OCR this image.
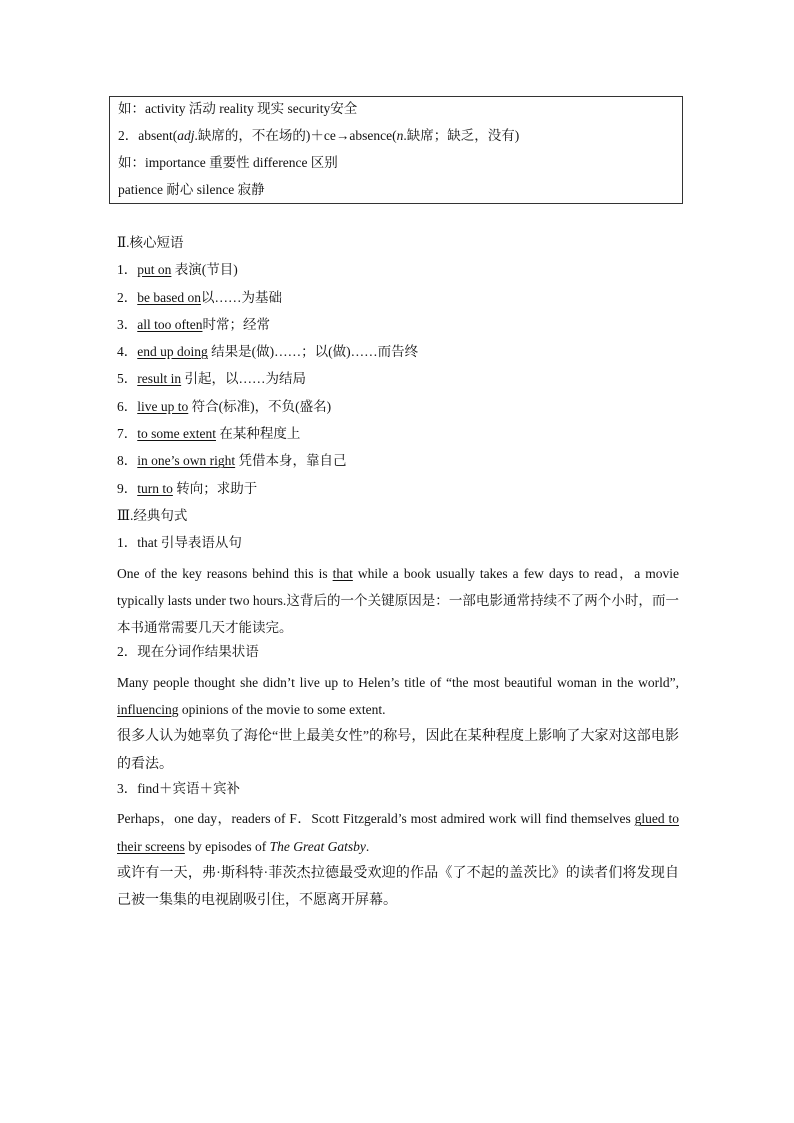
如：activity 活动 reality 现实 security安全
2．absent(adj.缺席的，不在场的)＋ce→absence(n.缺席；缺乏，没有)
如：importance 重要性 difference 区别
patience 耐心 silence 寂静
Ⅱ.核心短语
1．put on 表演(节目)
2．be based on以……为基础
3．all too often时常；经常
4．end up doing 结果是(做)……；以(做)……而告终
5．result in 引起，以……为结局
6．live up to 符合(标准)，不负(盛名)
7．to some extent 在某种程度上
8．in one’s own right 凭借本身，靠自己
9．turn to 转向；求助于
Ⅲ.经典句式
1．that 引导表语从句
One of the key reasons behind this is that while a book usually takes a few days to read，a movie typically lasts under two hours.这背后的一个关键原因是：一部电影通常持续不了两个小时，而一本书通常需要几天才能读完。
2．现在分词作结果状语
Many people thought she didn’t live up to Helen’s title of “the most beautiful woman in the world”, influencing opinions of the movie to some extent.
很多人认为她辜负了海伦“世上最美女性”的称号，因此在某种程度上影响了大家对这部电影的看法。
3．find＋宾语＋宾补
Perhaps，one day，readers of F．Scott Fitzgerald’s most admired work will find themselves glued to their screens by episodes of The Great Gatsby.
或许有一天，弗·斯科特·菲茨杰拉德最受欢迎的作品《了不起的盖茨比》的读者们将发现自己被一集集的电视剧吸引住，不愿离开屏幕。
